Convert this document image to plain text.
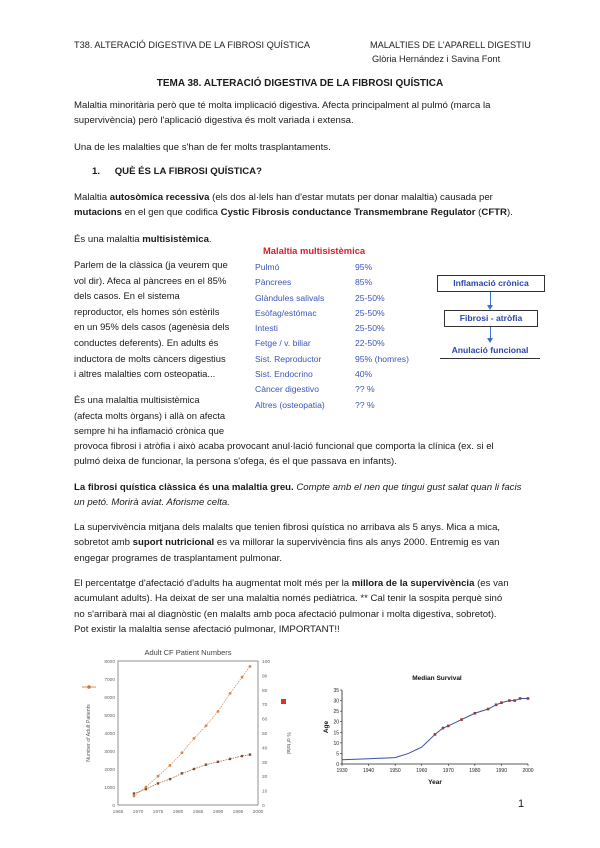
T38. ALTERACIÓ DIGESTIVA DE LA FIBROSI QUÍSTICA	MALALTIES DE L'APARELL DIGESTIU
Glòria Hernández i Savina Font
TEMA 38. ALTERACIÓ DIGESTIVA DE LA FIBROSI QUÍSTICA
Malaltia minoritària però que té molta implicació digestiva. Afecta principalment al pulmó (marca la
supervivència) però l'aplicació digestiva és molt variada i extensa.
Una de les malalties que s'han de fer molts trasplantaments.
1. QUÈ ÉS LA FIBROSI QUÍSTICA?
Malaltia autosòmica recessiva (els dos al·lels han d'estar mutats per donar malaltia) causada per
mutacions en el gen que codifica Cystic Fibrosis conductance Transmembrane Regulator (CFTR).
És una malaltia multisistèmica.
Parlem de la clàssica (ja veurem que
vol dir). Afeca al pàncrees en el 85%
dels casos. En el sistema
reproductor, els homes són estèrils
en un 95% dels casos (agenèsia dels
conductes deferents). En adults és
inductora de molts càncers digestius
i altres malalties com osteopatia...
És una malaltia multisistèmica
(afecta molts òrgans) i allà on afecta
sempre hi ha inflamació crònica que
Malaltia multisistèmica
Pulmó	95%
Pàncrees	85%
Glàndules salivals	25-50%
Esòfag/estómac	25-50%
Intesti	25-50%
Fetge / v. biliar	22-50%
Sist. Reproductor	95% (homres)
Sist. Endocrino	40%
Càncer digestivo	?? %
Altres (osteopatia)	?? %
Inflamació crònica
Fibrosi - atròfia
Anulació funcional
provoca fibrosi i atròfia i això acaba provocant anul·lació funcional que comporta la clínica (ex. si el
pulmó deixa de funcionar, la persona s'ofega, és el que passava en infants).
La fibrosi quística clàssica és una malaltia greu. Compte amb el nen que tingui gust salat quan li facis
un petó. Morirà aviat. Aforisme celta.
La supervivència mitjana dels malalts que tenien fibrosi quística no arribava als 5 anys. Mica a mica,
sobretot amb suport nutricional es va millorar la supervivència fins als anys 2000. Entremig es van
engegar programes de trasplantament pulmonar.
El percentatge d'afectació d'adults ha augmentat molt més per la millora de la supervivència (es van
acumulant adults). Ha deixat de ser una malaltia només pediàtrica. ** Cal tenir la sospita perquè sinó
no s'arribarà mai al diagnòstic (en malalts amb poca afectació pulmonar i molta digestiva, sobretot).
Pot existir la malaltia sense afectació pulmonar, IMPORTANT!!
Adult CF Patient Numbers
0
1000
2000
3000
4000
5000
6000
7000
8000
0
10
20
30
40
50
60
70
80
90
100
1965 1970 1975 1980 1985 1990 1995 2000
Number of Adult Patients	% of total
Median Survival
0
5
10
15
20
25
30
35
1930	1940	1950	1960	1970	1980	1990	2000
Year
Age
1
